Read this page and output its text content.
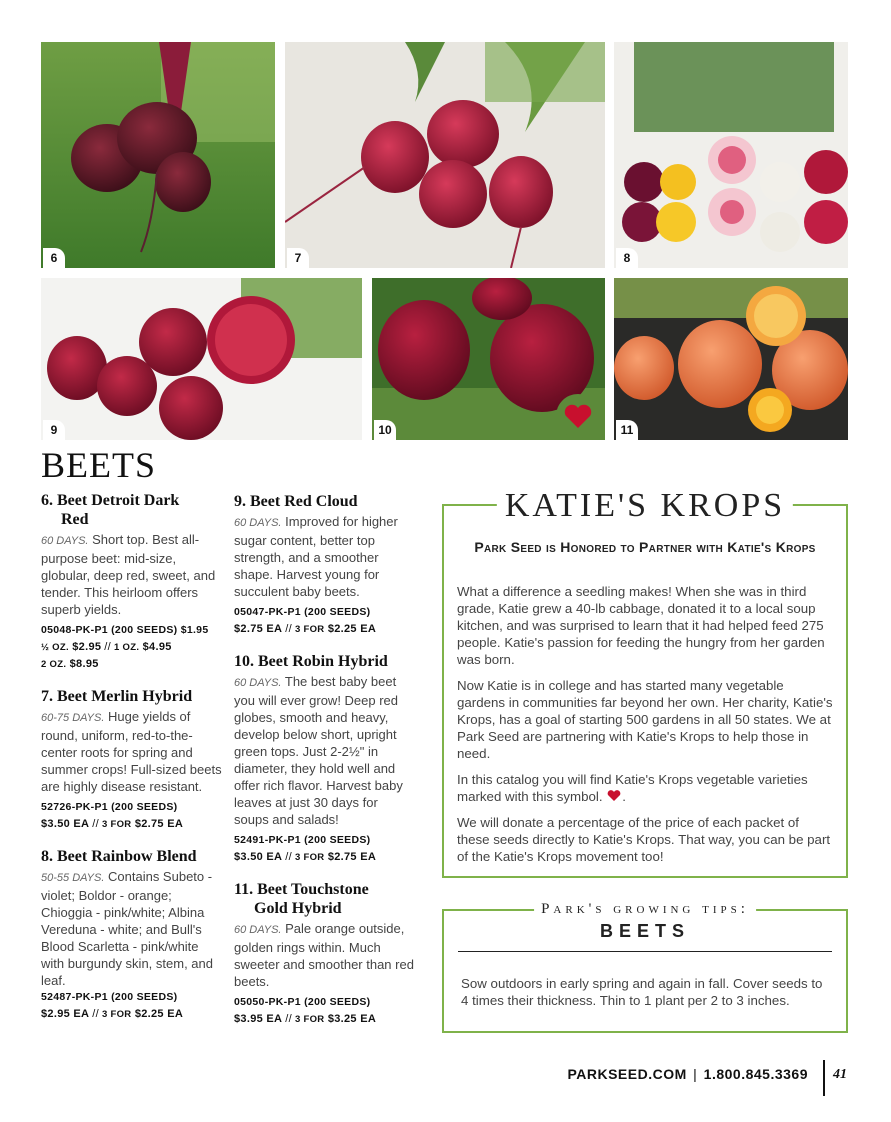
6	7	8
9	10	11
BEETS
6. Beet Detroit Dark
Red
60 DAYS. Short top. Best all-purpose beet: mid-size, globular, deep red, sweet, and tender. This heirloom offers superb yields.
05048-PK-P1 (200 SEEDS) $1.95
½ OZ. $2.95 // 1 OZ. $4.95
2 OZ. $8.95
7. Beet Merlin Hybrid
60-75 DAYS. Huge yields of round, uniform, red-to-the-center roots for spring and summer crops! Full-sized beets are highly disease resistant.
52726-PK-P1 (200 SEEDS)
$3.50 EA // 3 FOR $2.75 EA
8. Beet Rainbow Blend
50-55 DAYS. Contains Subeto - violet; Boldor - orange; Chioggia - pink/white; Albina Vereduna - white; and Bull's Blood Scarletta - pink/white with burgundy skin, stem, and leaf.
52487-PK-P1 (200 SEEDS)
$2.95 EA // 3 FOR $2.25 EA
9. Beet Red Cloud
60 DAYS. Improved for higher sugar content, better top strength, and a smoother shape. Harvest young for succulent baby beets.
05047-PK-P1 (200 SEEDS)
$2.75 EA // 3 FOR $2.25 EA
10. Beet Robin Hybrid
60 DAYS. The best baby beet you will ever grow! Deep red globes, smooth and heavy, develop below short, upright green tops. Just 2-2½" in diameter, they hold well and offer rich flavor. Harvest baby leaves at just 30 days for soups and salads!
52491-PK-P1 (200 SEEDS)
$3.50 EA // 3 FOR $2.75 EA
11. Beet Touchstone
Gold Hybrid
60 DAYS. Pale orange outside, golden rings within. Much sweeter and smoother than red beets.
05050-PK-P1 (200 SEEDS)
$3.95 EA // 3 FOR $3.25 EA
KATIE'S KROPS
Park Seed is Honored to Partner with Katie's Krops

What a difference a seedling makes! When she was in third grade, Katie grew a 40-lb cabbage, donated it to a local soup kitchen, and was surprised to learn that it had helped feed 275 people. Katie's passion for feeding the hungry from her garden was born.

Now Katie is in college and has started many vegetable gardens in communities far beyond her own. Her charity, Katie's Krops, has a goal of starting 500 gardens in all 50 states. We at Park Seed are partnering with Katie's Krops to help those in need.

In this catalog you will find Katie's Krops vegetable varieties marked with this symbol. .

We will donate a percentage of the price of each packet of these seeds directly to Katie's Krops. That way, you can be part of the Katie's Krops movement too!

Park's growing tips:
BEETS
Sow outdoors in early spring and again in fall. Cover seeds to 4 times their thickness. Thin to 1 plant per 2 to 3 inches.
PARKSEED.COM | 1.800.845.3369 41
